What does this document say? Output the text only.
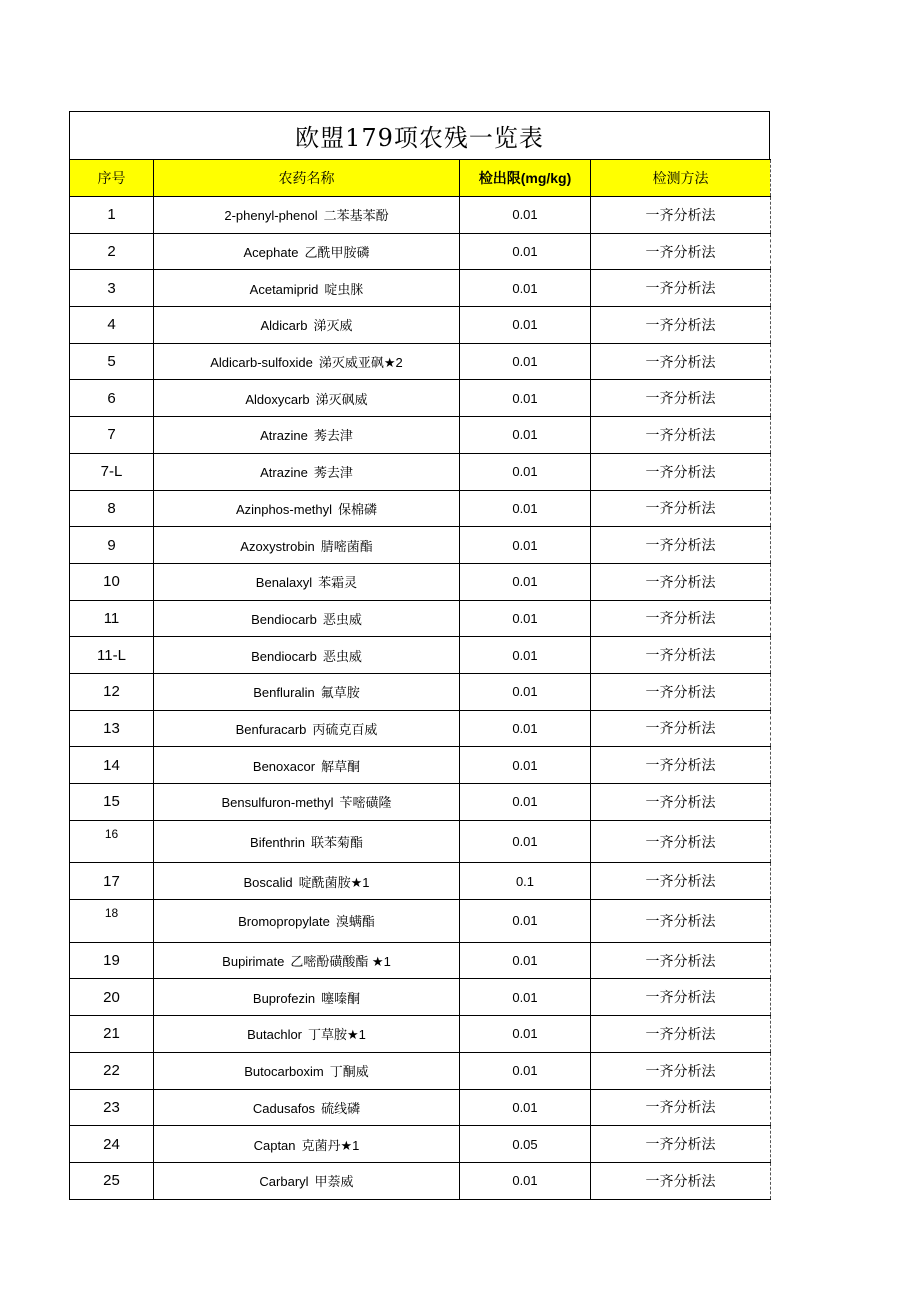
欧盟179项农残一览表
序号	农药名称	检出限(mg/kg)	检测方法
1	2-phenyl-phenol 二苯基苯酚	0.01	一齐分析法
2	Acephate 乙酰甲胺磷	0.01	一齐分析法
3	Acetamiprid 啶虫脒	0.01	一齐分析法
4	Aldicarb 涕灭威	0.01	一齐分析法
5	Aldicarb-sulfoxide 涕灭威亚砜★2	0.01	一齐分析法
6	Aldoxycarb 涕灭砜威	0.01	一齐分析法
7	Atrazine 莠去津	0.01	一齐分析法
7-L	Atrazine 莠去津	0.01	一齐分析法
8	Azinphos-methyl 保棉磷	0.01	一齐分析法
9	Azoxystrobin 腈嘧菌酯	0.01	一齐分析法
10	Benalaxyl 苯霜灵	0.01	一齐分析法
11	Bendiocarb 恶虫威	0.01	一齐分析法
11-L	Bendiocarb 恶虫威	0.01	一齐分析法
12	Benfluralin 氟草胺	0.01	一齐分析法
13	Benfuracarb 丙硫克百威	0.01	一齐分析法
14	Benoxacor 解草酮	0.01	一齐分析法
15	Bensulfuron-methyl 苄嘧磺隆	0.01	一齐分析法
16	Bifenthrin 联苯菊酯	0.01	一齐分析法
17	Boscalid 啶酰菌胺★1	0.1	一齐分析法
18	Bromopropylate 溴螨酯	0.01	一齐分析法
19	Bupirimate 乙嘧酚磺酸酯 ★1	0.01	一齐分析法
20	Buprofezin 噻嗪酮	0.01	一齐分析法
21	Butachlor 丁草胺★1	0.01	一齐分析法
22	Butocarboxim 丁酮威	0.01	一齐分析法
23	Cadusafos 硫线磷	0.01	一齐分析法
24	Captan 克菌丹★1	0.05	一齐分析法
25	Carbaryl 甲萘威	0.01	一齐分析法
